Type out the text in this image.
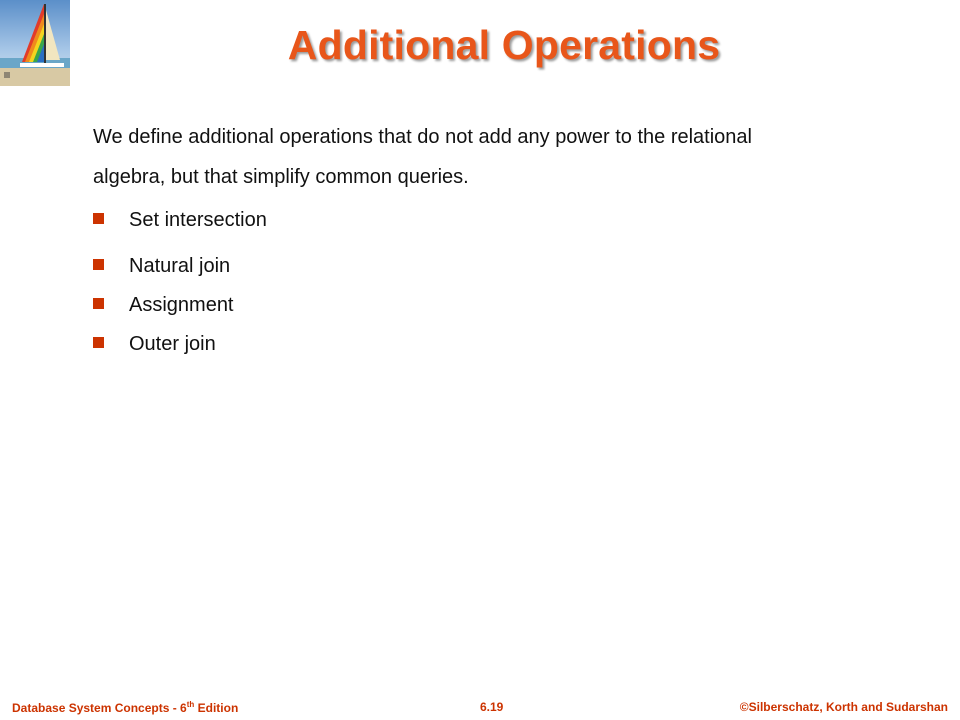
Additional Operations
We define additional operations that do not add any power to the relational algebra, but that simplify common queries.
Set intersection
Natural join
Assignment
Outer join
Database System Concepts - 6th Edition	6.19	©Silberschatz, Korth and Sudarshan
